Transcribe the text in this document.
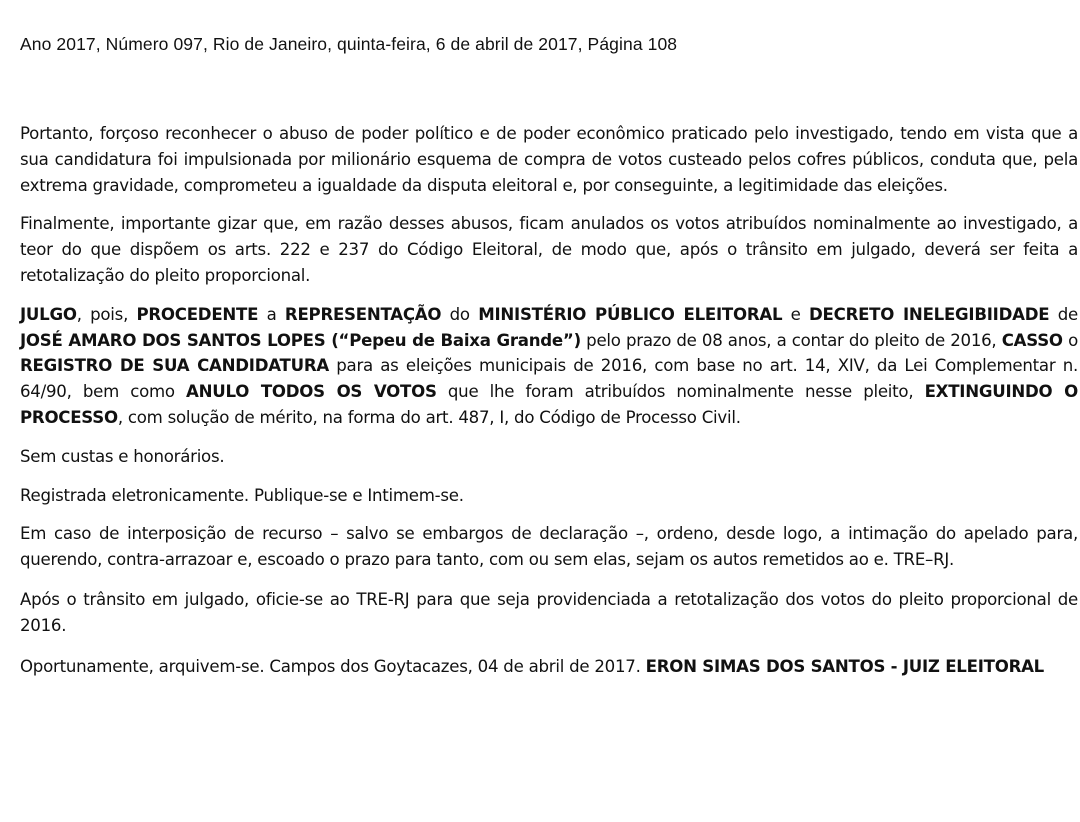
Ano 2017, Número 097, Rio de Janeiro, quinta-feira, 6 de abril de 2017, Página 108

Portanto, forçoso reconhecer o abuso de poder político e de poder econômico praticado pelo investigado, tendo em vista que a sua candidatura foi impulsionada por milionário esquema de compra de votos custeado pelos cofres públicos, conduta que, pela extrema gravidade, comprometeu a igualdade da disputa eleitoral e, por conseguinte, a legitimidade das eleições.

Finalmente, importante gizar que, em razão desses abusos, ficam anulados os votos atribuídos nominalmente ao investigado, a teor do que dispõem os arts. 222 e 237 do Código Eleitoral, de modo que, após o trânsito em julgado, deverá ser feita a retotalização do pleito proporcional.

JULGO, pois, PROCEDENTE a REPRESENTAÇÃO do MINISTÉRIO PÚBLICO ELEITORAL e DECRETO INELEGIBIIDADE de JOSÉ AMARO DOS SANTOS LOPES (“Pepeu de Baixa Grande”) pelo prazo de 08 anos, a contar do pleito de 2016, CASSO o REGISTRO DE SUA CANDIDATURA para as eleições municipais de 2016, com base no art. 14, XIV, da Lei Complementar n. 64/90, bem como ANULO TODOS OS VOTOS que lhe foram atribuídos nominalmente nesse pleito, EXTINGUINDO O PROCESSO, com solução de mérito, na forma do art. 487, I, do Código de Processo Civil.

Sem custas e honorários.

Registrada eletronicamente. Publique-se e Intimem-se.

Em caso de interposição de recurso – salvo se embargos de declaração –, ordeno, desde logo, a intimação do apelado para, querendo, contra-arrazoar e, escoado o prazo para tanto, com ou sem elas, sejam os autos remetidos ao e. TRE–RJ.

Após o trânsito em julgado, oficie-se ao TRE-RJ para que seja providenciada a retotalização dos votos do pleito proporcional de 2016.

Oportunamente, arquivem-se. Campos dos Goytacazes, 04 de abril de 2017. ERON SIMAS DOS SANTOS - JUIZ ELEITORAL
